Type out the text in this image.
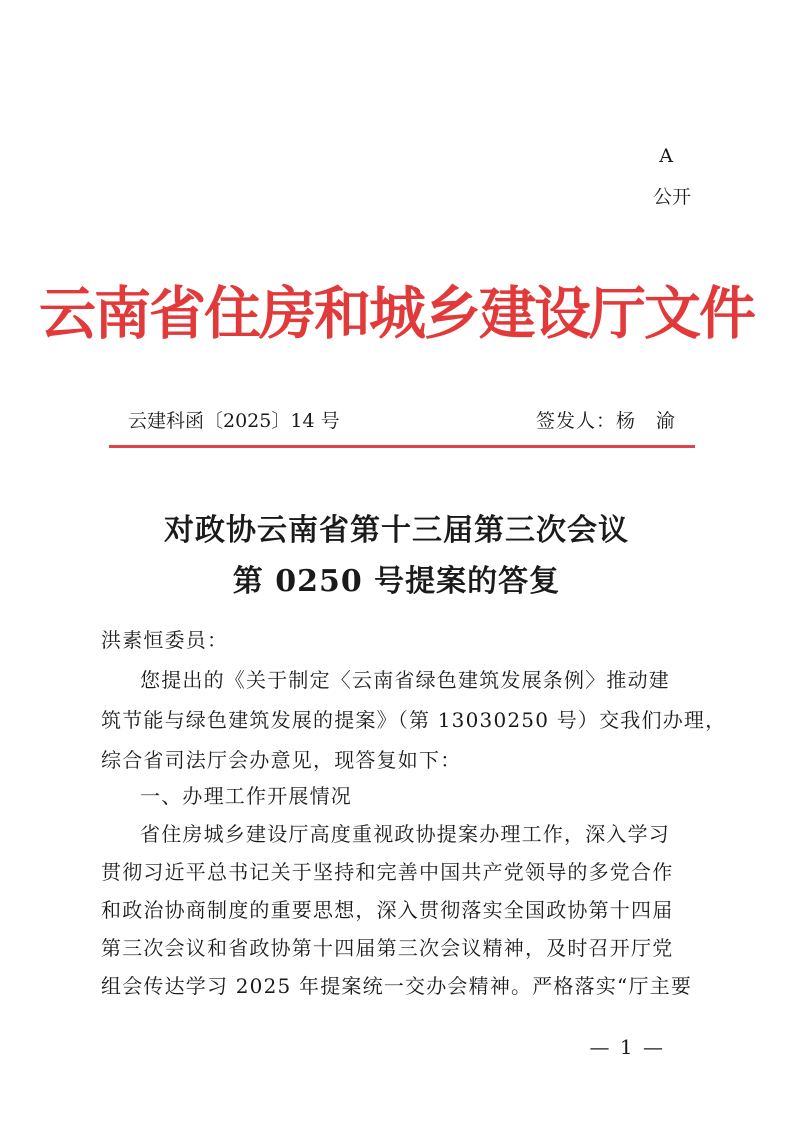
A
公开
云南省住房和城乡建设厅文件
云建科函〔2025〕14 号	签发人：杨　渝
对政协云南省第十三届第三次会议
第 0250 号提案的答复
洪素恒委员：
您提出的《关于制定〈云南省绿色建筑发展条例〉推动建
筑节能与绿色建筑发展的提案》（第 13030250 号）交我们办理，
综合省司法厅会办意见，现答复如下：
一、办理工作开展情况
省住房城乡建设厅高度重视政协提案办理工作，深入学习
贯彻习近平总书记关于坚持和完善中国共产党领导的多党合作
和政治协商制度的重要思想，深入贯彻落实全国政协第十四届
第三次会议和省政协第十四届第三次会议精神，及时召开厅党
组会传达学习 2025 年提案统一交办会精神。严格落实“厅主要
— 1 —
